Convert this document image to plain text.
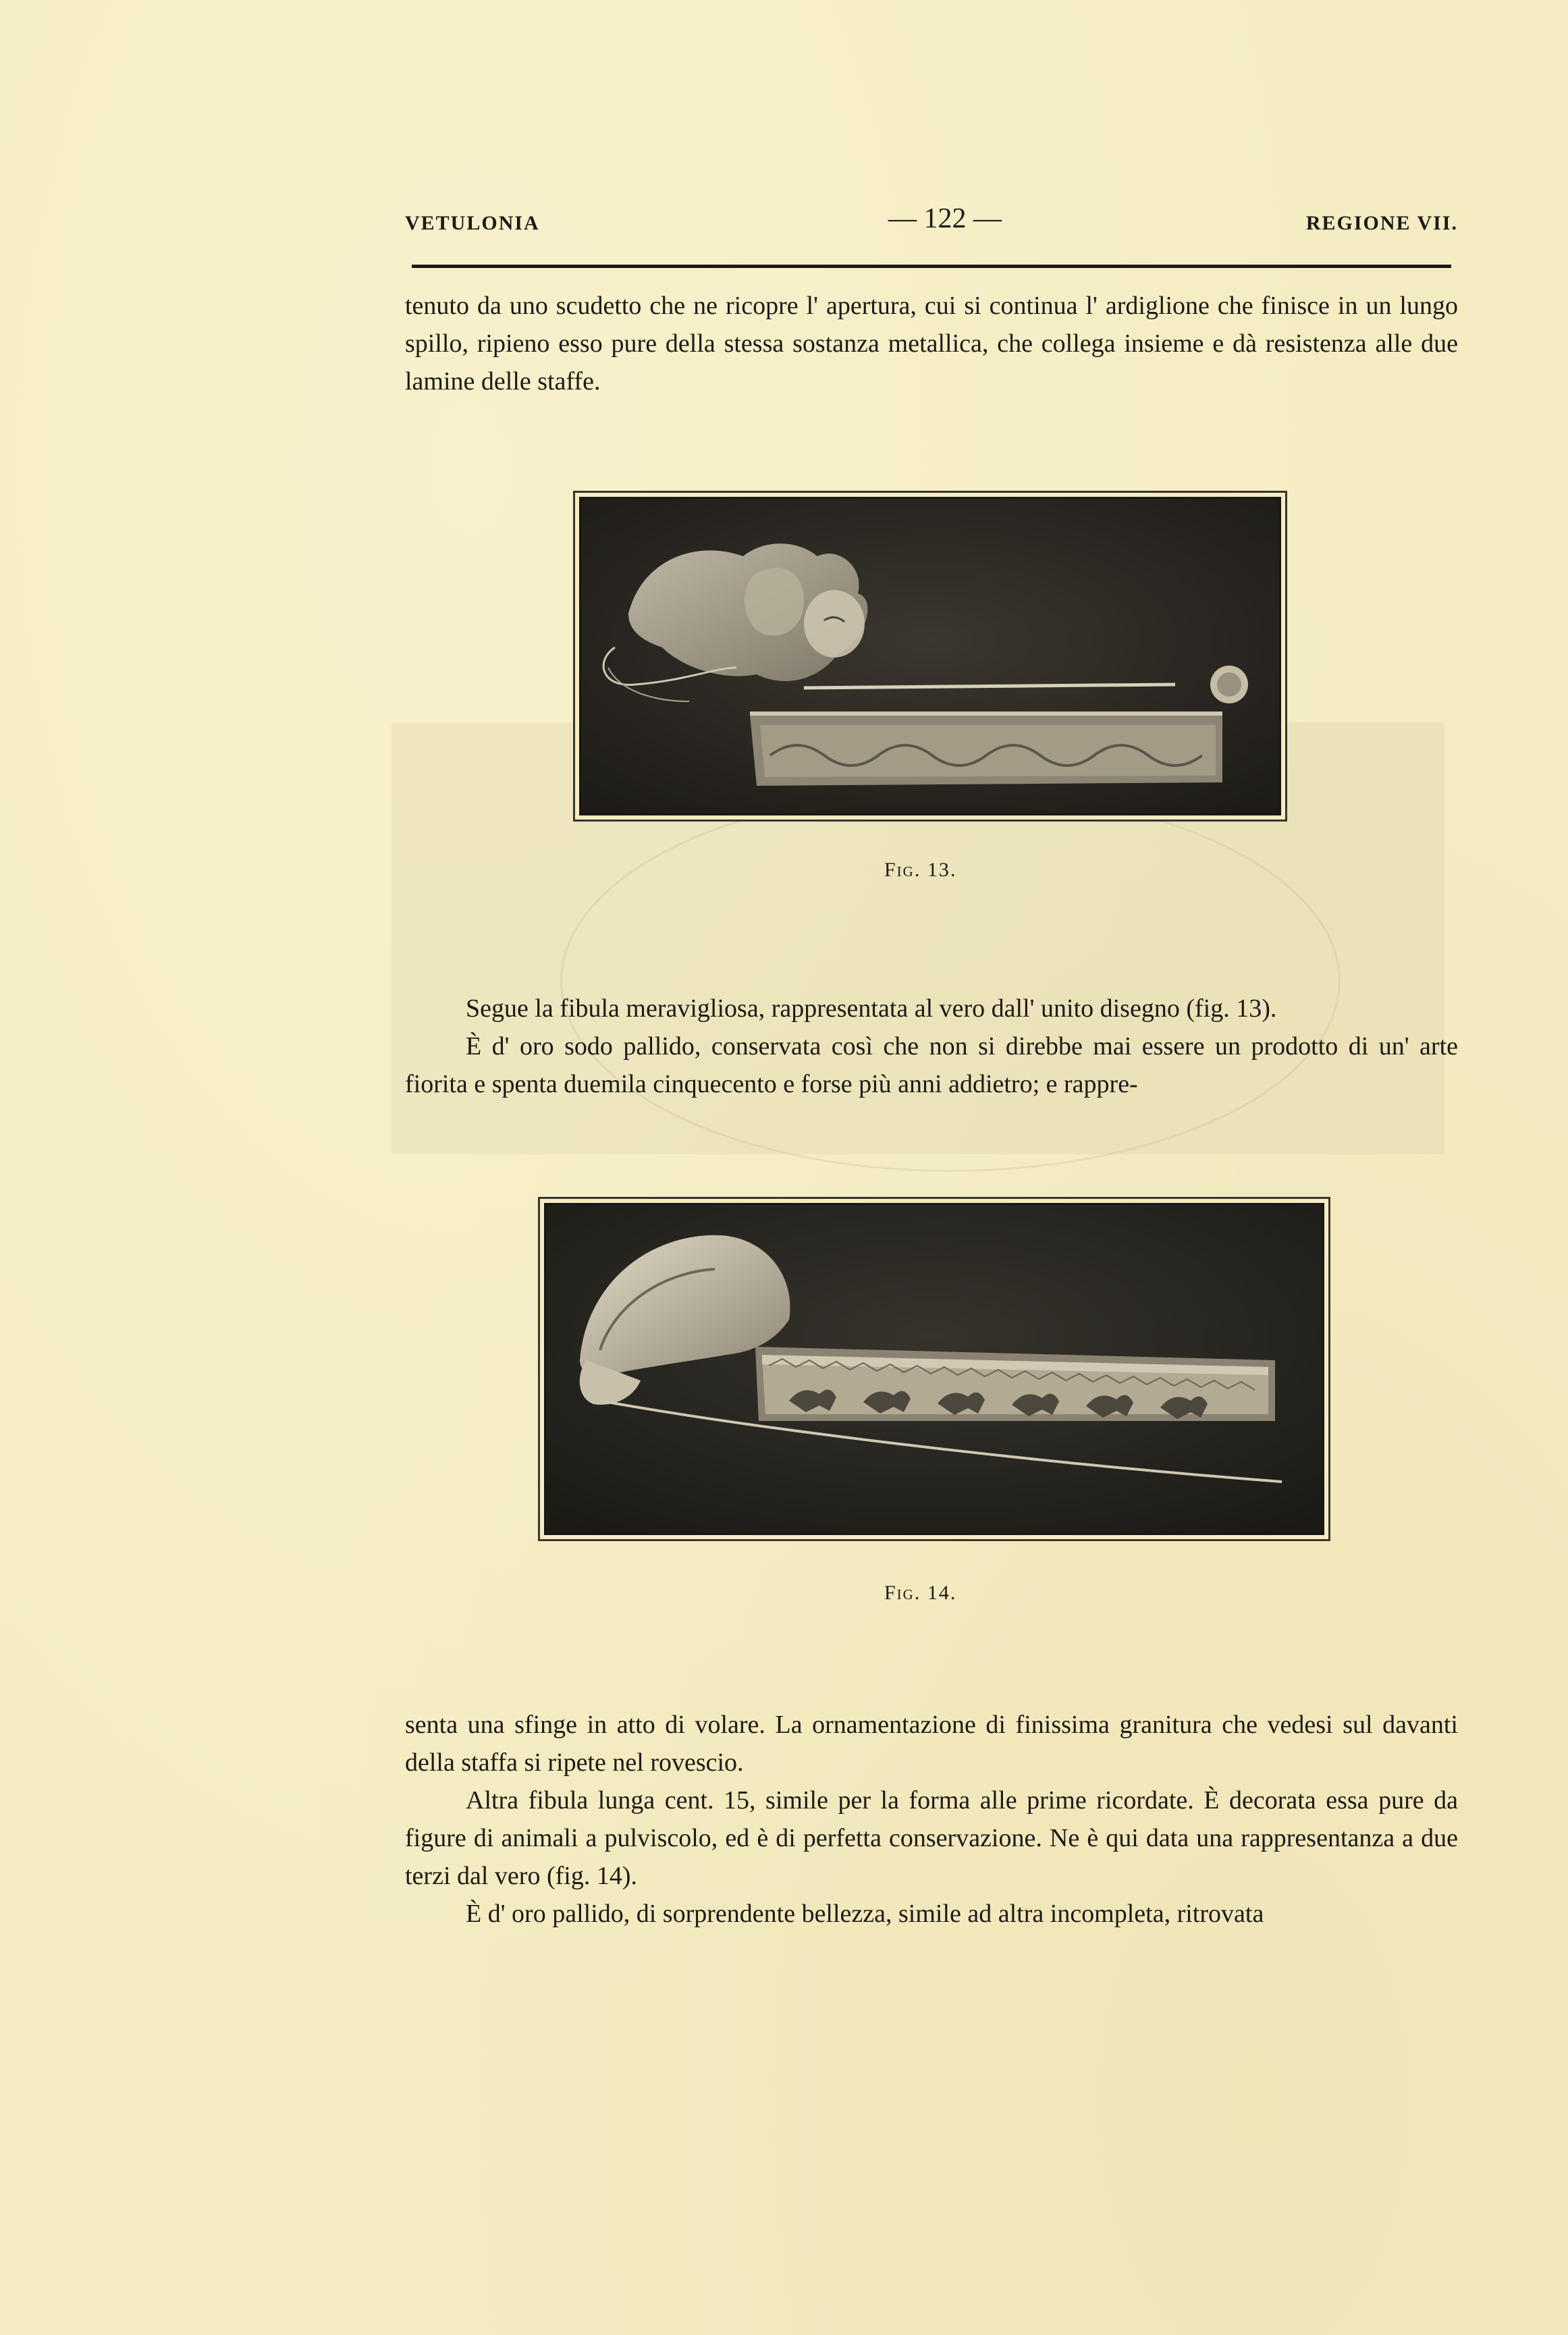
VETULONIA	— 122 —	REGIONE VII.

tenuto da uno scudetto che ne ricopre l' apertura, cui si continua l' ardiglione che finisce in un lungo spillo, ripieno esso pure della stessa sostanza metallica, che collega insieme e dà resistenza alle due lamine delle staffe.

Fig. 13.
Segue la fibula meravigliosa, rappresentata al vero dall' unito disegno (fig. 13).
È d' oro sodo pallido, conservata così che non si direbbe mai essere un prodotto di un' arte fiorita e spenta duemila cinquecento e forse più anni addietro; e rappre-
Fig. 14.
senta una sfinge in atto di volare. La ornamentazione di finissima granitura che vedesi sul davanti della staffa si ripete nel rovescio.
Altra fibula lunga cent. 15, simile per la forma alle prime ricordate. È decorata essa pure da figure di animali a pulviscolo, ed è di perfetta conservazione. Ne è qui data una rappresentanza a due terzi dal vero (fig. 14).
È d' oro pallido, di sorprendente bellezza, simile ad altra incompleta, ritrovata
